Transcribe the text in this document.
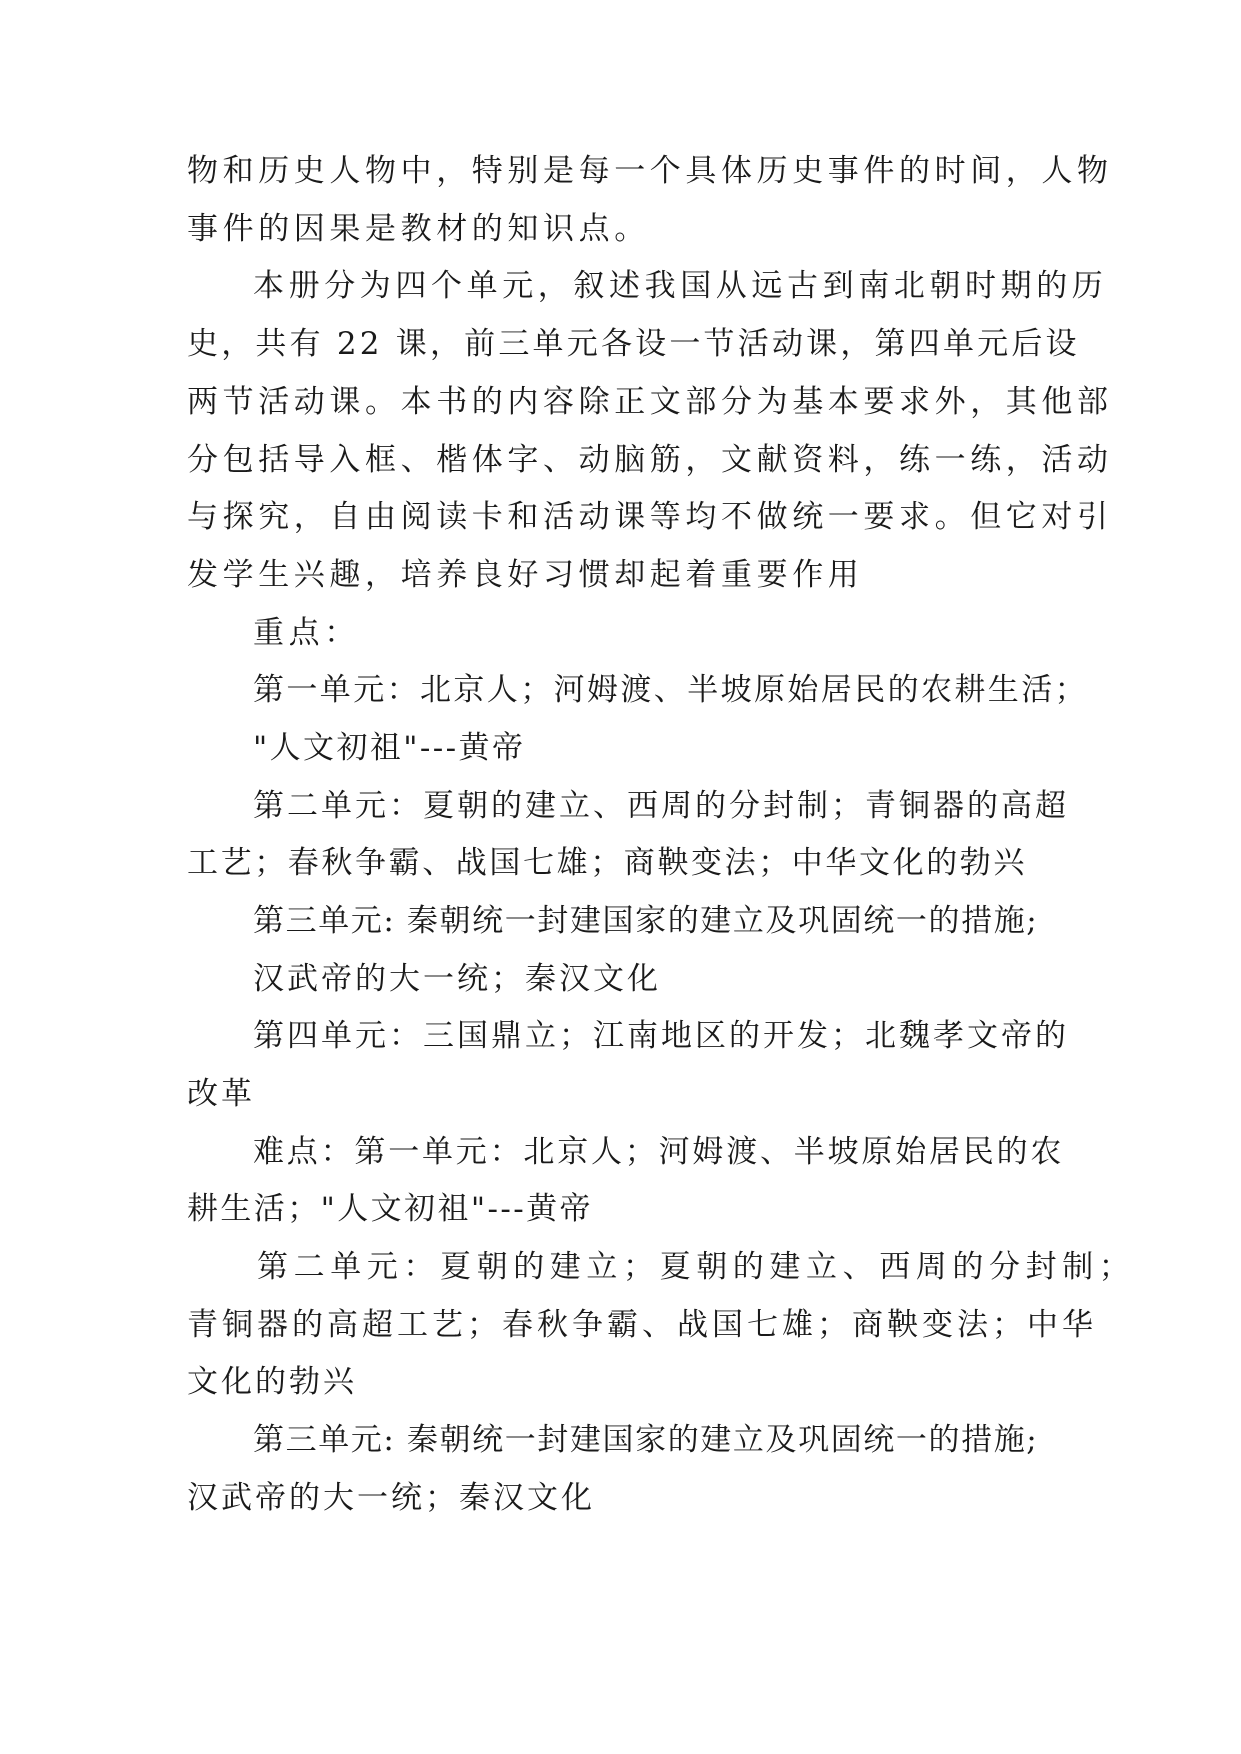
物和历史人物中，特别是每一个具体历史事件的时间，人物
事件的因果是教材的知识点。
本册分为四个单元，叙述我国从远古到南北朝时期的历
史，共有 22 课，前三单元各设一节活动课，第四单元后设
两节活动课。本书的内容除正文部分为基本要求外，其他部
分包括导入框、楷体字、动脑筋，文献资料，练一练，活动
与探究，自由阅读卡和活动课等均不做统一要求。但它对引
发学生兴趣，培养良好习惯却起着重要作用
重点：
第一单元：北京人；河姆渡、半坡原始居民的农耕生活；
"人文初祖"---黄帝
第二单元：夏朝的建立、西周的分封制；青铜器的高超
工艺；春秋争霸、战国七雄；商鞅变法；中华文化的勃兴
第三单元: 秦朝统一封建国家的建立及巩固统一的措施;
汉武帝的大一统；秦汉文化
第四单元：三国鼎立；江南地区的开发；北魏孝文帝的
改革
难点：第一单元：北京人；河姆渡、半坡原始居民的农
耕生活；"人文初祖"---黄帝
第二单元：夏朝的建立；夏朝的建立、西周的分封制；
青铜器的高超工艺；春秋争霸、战国七雄；商鞅变法；中华
文化的勃兴
第三单元: 秦朝统一封建国家的建立及巩固统一的措施;
汉武帝的大一统；秦汉文化
